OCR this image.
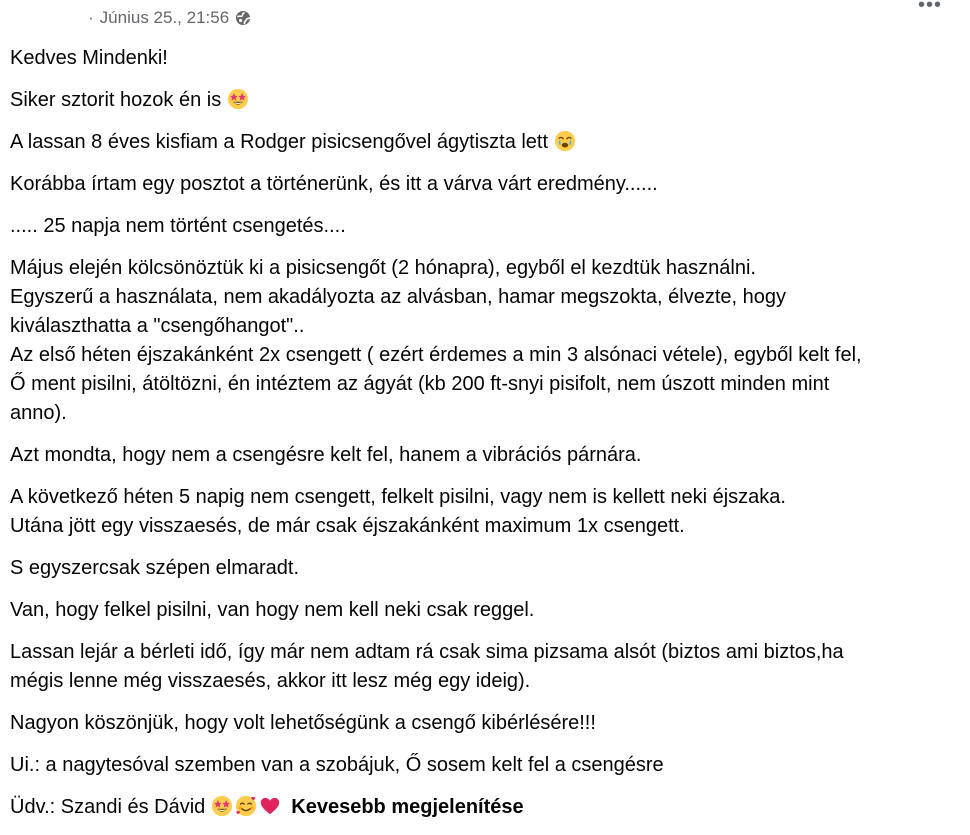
· Június 25., 21:56
•••
Kedves Mindenki!
Siker sztorit hozok én is
A lassan 8 éves kisfiam a Rodger pisicsengővel ágytiszta lett
Korábba írtam egy posztot a történerünk, és itt a várva várt eredmény......
..... 25 napja nem történt csengetés....
Május elején kölcsönöztük ki a pisicsengőt (2 hónapra), egyből el kezdtük használni.
Egyszerű a használata, nem akadályozta az alvásban, hamar megszokta, élvezte, hogy
kiválaszthatta a "csengőhangot"..
Az első héten éjszakánként 2x csengett ( ezért érdemes a min 3 alsónaci vétele), egyből kelt fel,
Ő ment pisilni, átöltözni, én intéztem az ágyát (kb 200 ft-snyi pisifolt, nem úszott minden mint
anno).
Azt mondta, hogy nem a csengésre kelt fel, hanem a vibrációs párnára.
A következő héten 5 napig nem csengett, felkelt pisilni, vagy nem is kellett neki éjszaka.
Utána jött egy visszaesés, de már csak éjszakánként maximum 1x csengett.
S egyszercsak szépen elmaradt.
Van, hogy felkel pisilni, van hogy nem kell neki csak reggel.
Lassan lejár a bérleti idő, így már nem adtam rá csak sima pizsama alsót (biztos ami biztos,ha
mégis lenne még visszaesés, akkor itt lesz még egy ideig).
Nagyon köszönjük, hogy volt lehetőségünk a csengő kibérlésére!!!
Ui.: a nagytesóval szemben van a szobájuk, Ő sosem kelt fel a csengésre
Üdv.: Szandi és Dávid	Kevesebb megjelenítése
